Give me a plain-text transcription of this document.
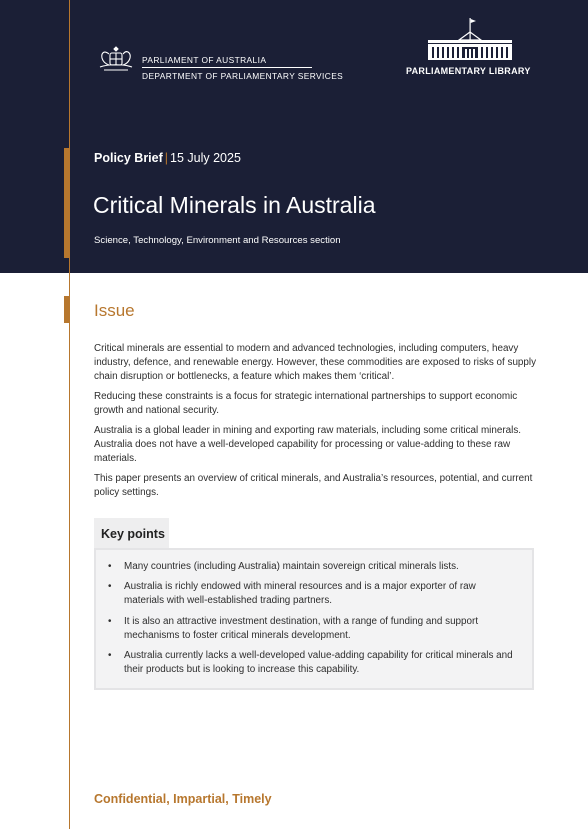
PARLIAMENT OF AUSTRALIA
DEPARTMENT OF PARLIAMENTARY SERVICES	PARLIAMENTARY LIBRARY
Policy Brief | 15 July 2025
Critical Minerals in Australia
Science, Technology, Environment and Resources section
Issue

Critical minerals are essential to modern and advanced technologies, including computers, heavy industry, defence, and renewable energy. However, these commodities are exposed to risks of supply chain disruption or bottlenecks, a feature which makes them ‘critical’.

Reducing these constraints is a focus for strategic international partnerships to support economic growth and national security.

Australia is a global leader in mining and exporting raw materials, including some critical minerals. Australia does not have a well-developed capability for processing or value-adding to these raw materials.

This paper presents an overview of critical minerals, and Australia’s resources, potential, and current policy settings.

Key points
• Many countries (including Australia) maintain sovereign critical minerals lists.
• Australia is richly endowed with mineral resources and is a major exporter of raw materials with well-established trading partners.
• It is also an attractive investment destination, with a range of funding and support mechanisms to foster critical minerals development.
• Australia currently lacks a well-developed value-adding capability for critical minerals and their products but is looking to increase this capability.
Confidential, Impartial, Timely
